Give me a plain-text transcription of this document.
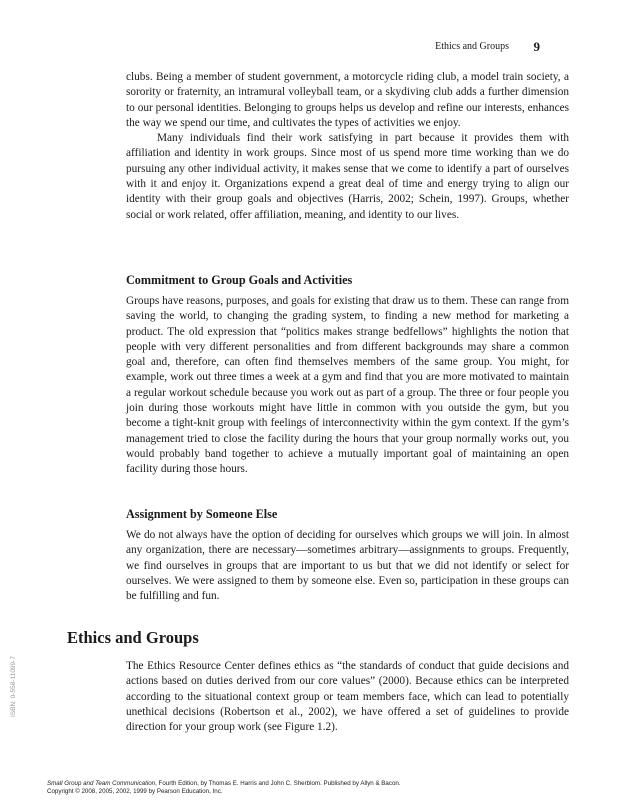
Ethics and Groups 9

clubs. Being a member of student government, a motorcycle riding club, a model train society, a sorority or fraternity, an intramural volleyball team, or a skydiving club adds a further dimension to our personal identities. Belonging to groups helps us develop and refine our interests, enhances the way we spend our time, and cultivates the types of activities we enjoy.

Many individuals find their work satisfying in part because it provides them with affiliation and identity in work groups. Since most of us spend more time working than we do pursuing any other individual activity, it makes sense that we come to identify a part of ourselves with it and enjoy it. Organizations expend a great deal of time and energy trying to align our identity with their group goals and objectives (Harris, 2002; Schein, 1997). Groups, whether social or work related, offer affiliation, meaning, and identity to our lives.

Commitment to Group Goals and Activities

Groups have reasons, purposes, and goals for existing that draw us to them. These can range from saving the world, to changing the grading system, to finding a new method for marketing a product. The old expression that “politics makes strange bedfellows” highlights the notion that people with very different personalities and from different backgrounds may share a common goal and, therefore, can often find themselves members of the same group. You might, for example, work out three times a week at a gym and find that you are more motivated to maintain a regular workout schedule because you work out as part of a group. The three or four people you join during those workouts might have little in common with you outside the gym, but you become a tight-knit group with feelings of interconnectivity within the gym context. If the gym’s management tried to close the facility during the hours that your group normally works out, you would probably band together to achieve a mutually important goal of maintaining an open facility during those hours.

Assignment by Someone Else

We do not always have the option of deciding for ourselves which groups we will join. In almost any organization, there are necessary—sometimes arbitrary—assignments to groups. Frequently, we find ourselves in groups that are important to us but that we did not identify or select for ourselves. We were assigned to them by someone else. Even so, participation in these groups can be fulfilling and fun.

Ethics and Groups

The Ethics Resource Center defines ethics as “the standards of conduct that guide decisions and actions based on duties derived from our core values” (2000). Because ethics can be interpreted according to the situational context group or team members face, which can lead to potentially unethical decisions (Robertson et al., 2002), we have offered a set of guidelines to provide direction for your group work (see Figure 1.2).

ISBN: 0-558-11099-7
Small Group and Team Communication, Fourth Edition, by Thomas E. Harris and John C. Sherblom. Published by Allyn & Bacon.
Copyright © 2008, 2005, 2002, 1999 by Pearson Education, Inc.
